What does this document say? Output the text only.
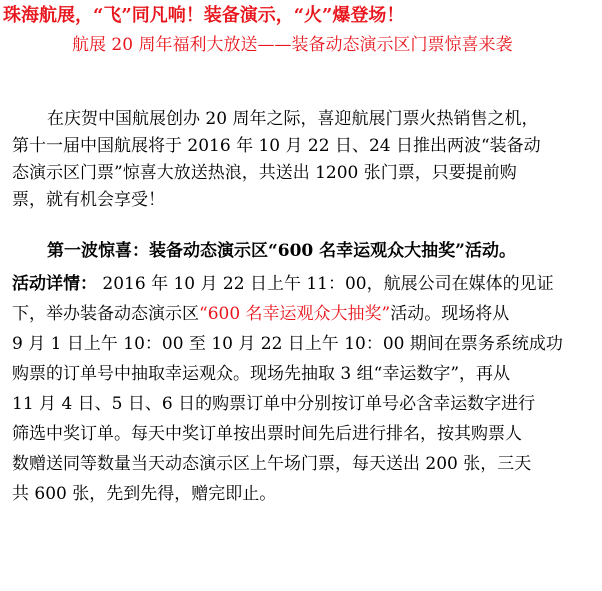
珠海航展，“飞”同凡响！装备演示，“火”爆登场！
航展 20 周年福利大放送——装备动态演示区门票惊喜来袭
在庆贺中国航展创办 20 周年之际，喜迎航展门票火热销售之机，
第十一届中国航展将于 2016 年 10 月 22 日、24 日推出两波“装备动
态演示区门票”惊喜大放送热浪，共送出 1200 张门票，只要提前购
票，就有机会享受！
第一波惊喜：装备动态演示区“600 名幸运观众大抽奖”活动。
活动详情： 2016 年 10 月 22 日上午 11：00，航展公司在媒体的见证
下，举办装备动态演示区“600 名幸运观众大抽奖”活动。现场将从
9 月 1 日上午 10：00 至 10 月 22 日上午 10：00 期间在票务系统成功
购票的订单号中抽取幸运观众。现场先抽取 3 组“幸运数字”，再从
11 月 4 日、5 日、6 日的购票订单中分别按订单号必含幸运数字进行
筛选中奖订单。每天中奖订单按出票时间先后进行排名，按其购票人
数赠送同等数量当天动态演示区上午场门票，每天送出 200 张，三天
共 600 张，先到先得，赠完即止。
